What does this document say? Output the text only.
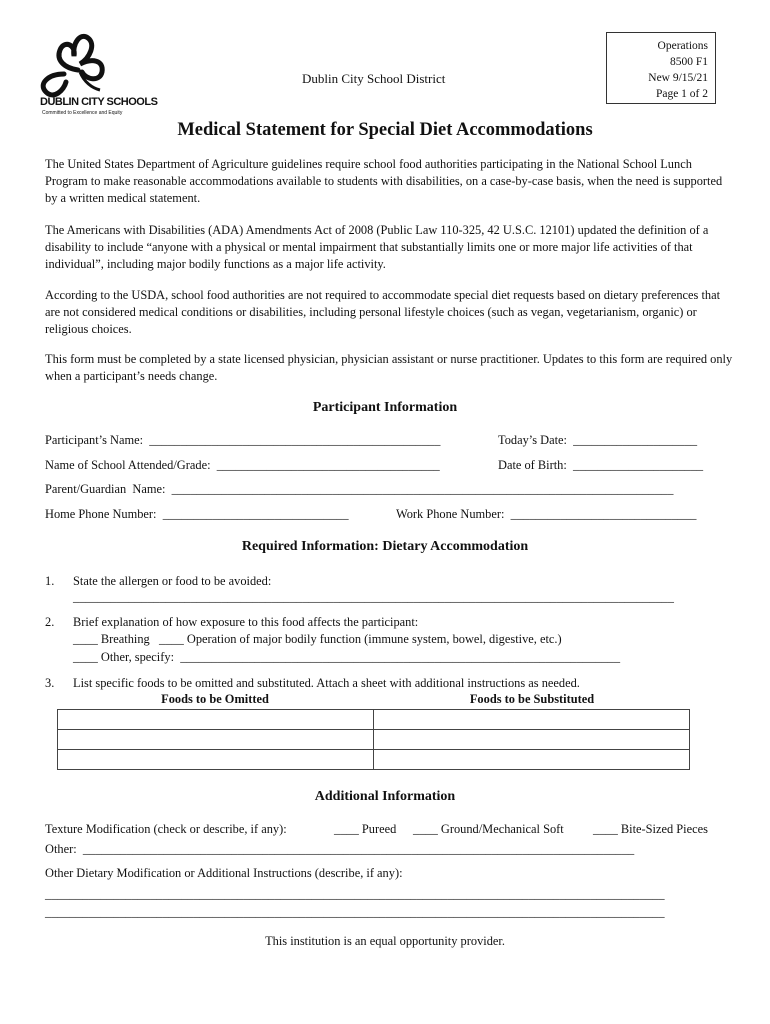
DUBLIN CITY SCHOOLS
Committed to Excellence and Equity
Dublin City School District
Operations
8500 F1
New 9/15/21
Page 1 of 2
Medical Statement for Special Diet Accommodations

The United States Department of Agriculture guidelines require school food authorities participating in the National School Lunch Program to make reasonable accommodations available to students with disabilities, on a case-by-case basis, when the need is supported by a written medical statement.

The Americans with Disabilities (ADA) Amendments Act of 2008 (Public Law 110-325, 42 U.S.C. 12101) updated the definition of a disability to include “anyone with a physical or mental impairment that substantially limits one or more major life activities of that individual”, including major bodily functions as a major life activity.

According to the USDA, school food authorities are not required to accommodate special diet requests based on dietary preferences that are not considered medical conditions or disabilities, including personal lifestyle choices (such as vegan, vegetarianism, organic) or religious choices.

This form must be completed by a state licensed physician, physician assistant or nurse practitioner. Updates to this form are required only when a participant’s needs change.

Participant Information
Participant’s Name:  _______________________________________________	Today’s Date:  ____________________
Name of School Attended/Grade:  ____________________________________	Date of Birth:  _____________________
Parent/Guardian  Name:  _________________________________________________________________________________
Home Phone Number:  ______________________________	Work Phone Number:  ______________________________
Required Information: Dietary Accommodation
1. State the allergen or food to be avoided:
_________________________________________________________________________________________________
2. Brief explanation of how exposure to this food affects the participant:
____ Breathing   ____ Operation of major bodily function (immune system, bowel, digestive, etc.)
____ Other, specify:  _______________________________________________________________________
3. List specific foods to be omitted and substituted. Attach a sheet with additional instructions as needed.
Foods to be Omitted	Foods to be Substituted

Additional Information
Texture Modification (check or describe, if any):	____ Pureed ____ Ground/Mechanical Soft ____ Bite-Sized Pieces
Other:  _________________________________________________________________________________________
Other Dietary Modification or Additional Instructions (describe, if any):
____________________________________________________________________________________________________
____________________________________________________________________________________________________
This institution is an equal opportunity provider.
